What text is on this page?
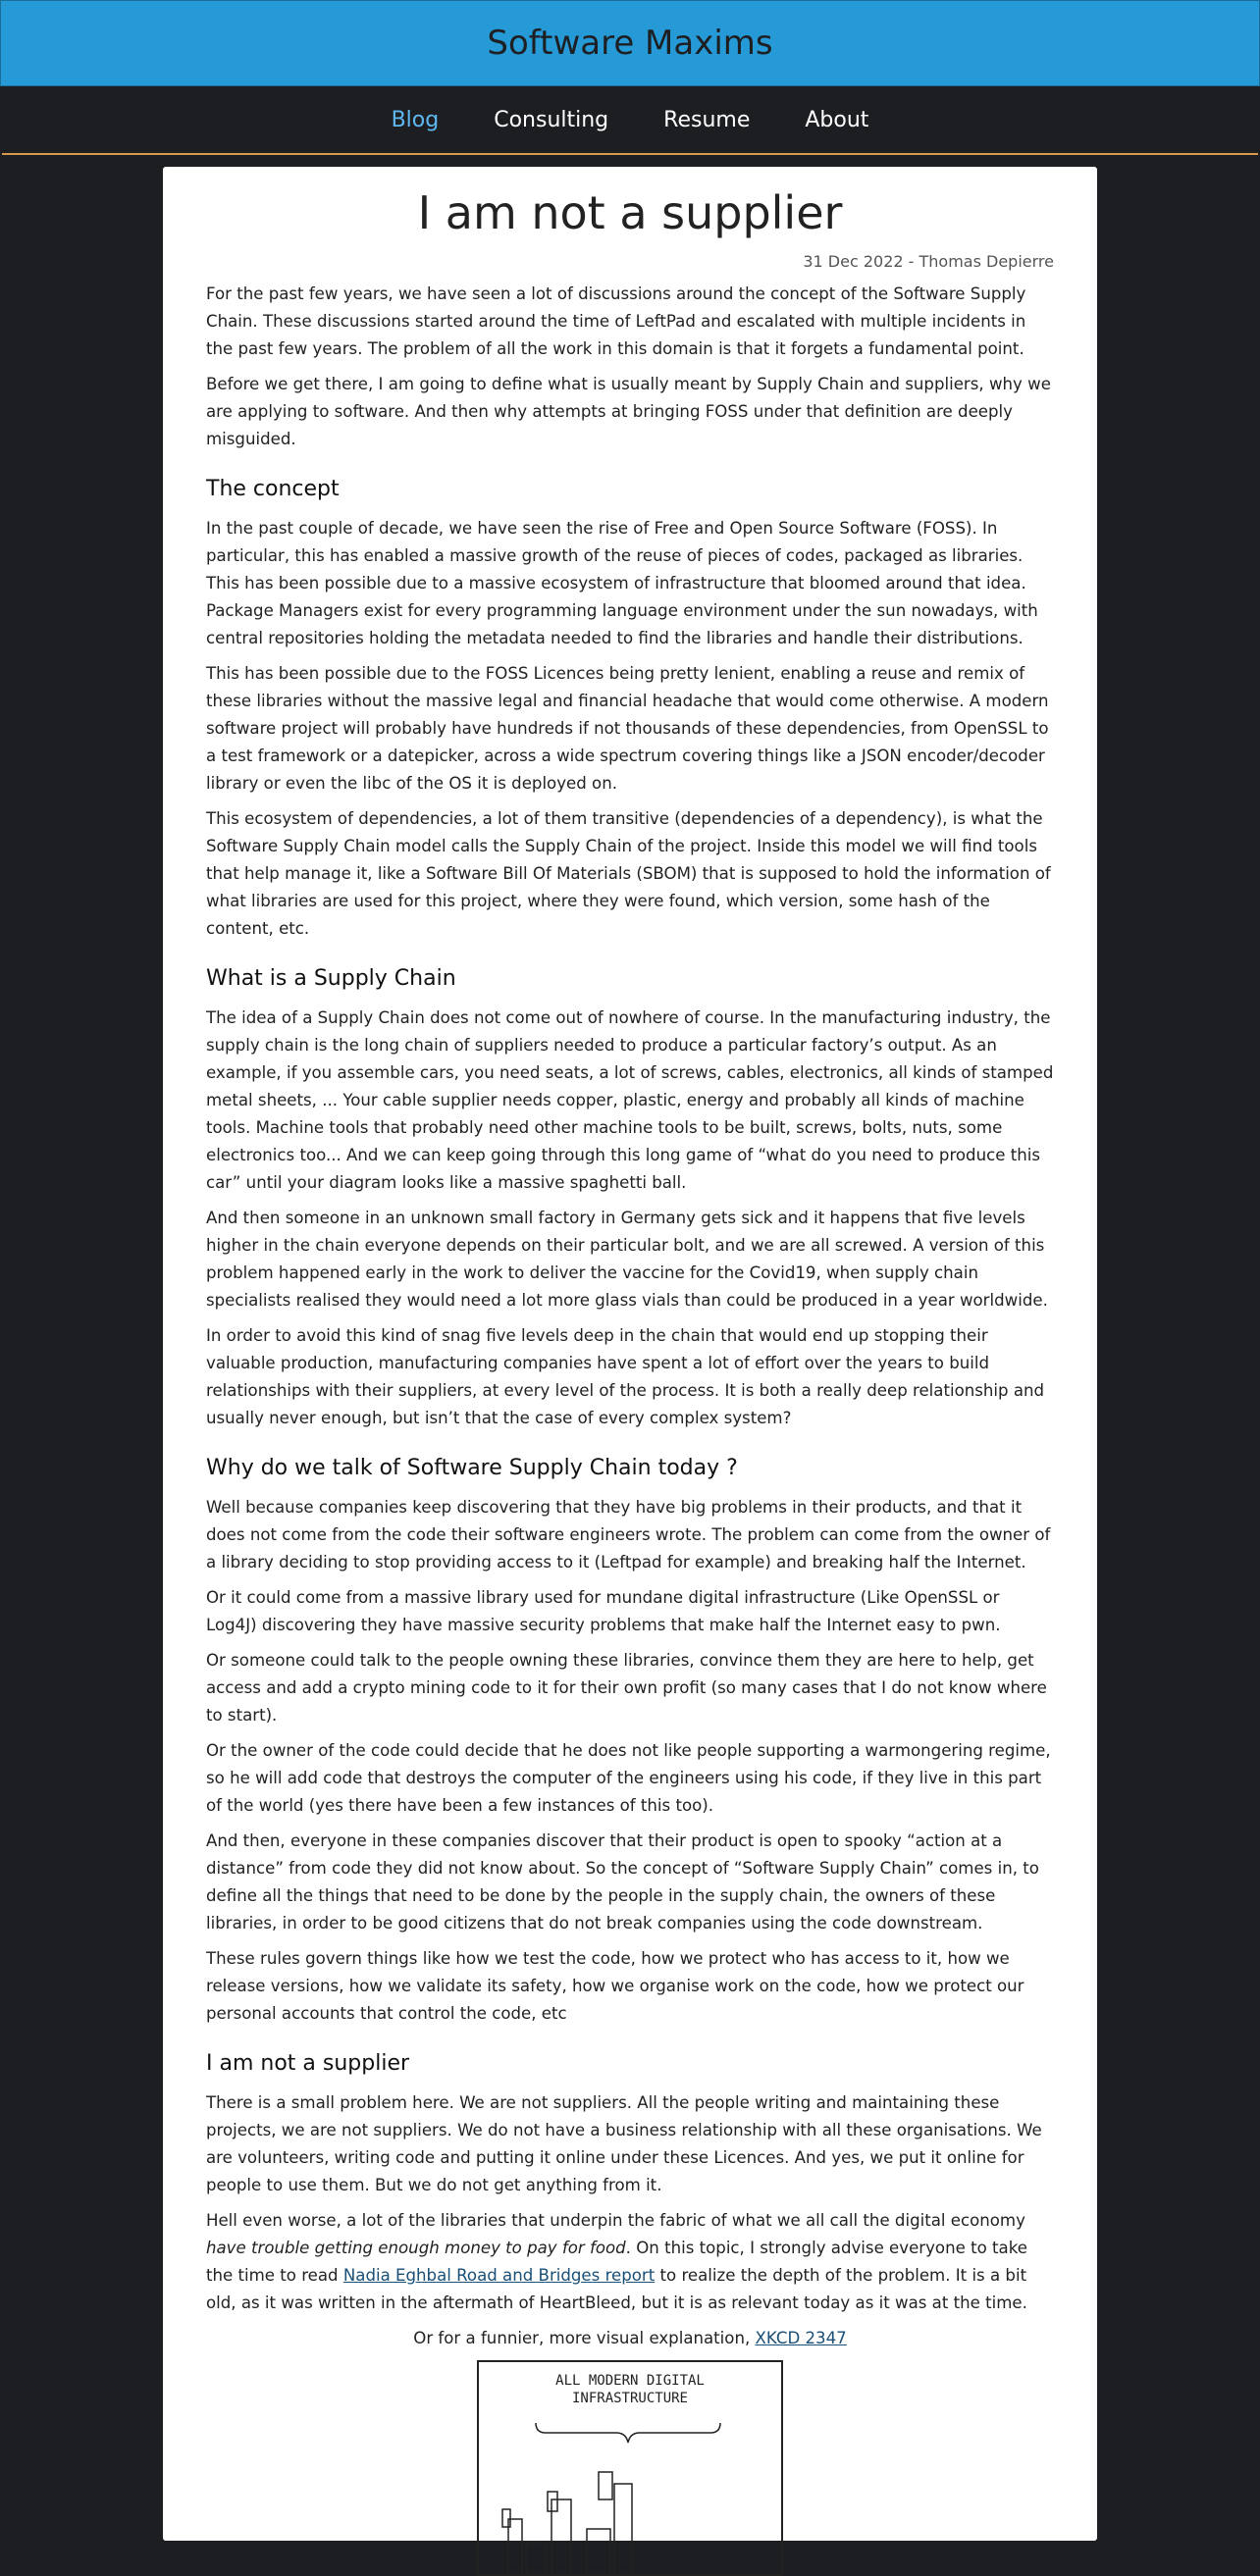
Software Maxims
Blog	Consulting	Resume	About
I am not a supplier
31 Dec 2022 - Thomas Depierre

For the past few years, we have seen a lot of discussions around the concept of the Software Supply Chain. These discussions started around the time of LeftPad and escalated with multiple incidents in the past few years. The problem of all the work in this domain is that it forgets a fundamental point.

Before we get there, I am going to define what is usually meant by Supply Chain and suppliers, why we are applying to software. And then why attempts at bringing FOSS under that definition are deeply misguided.

The concept

In the past couple of decade, we have seen the rise of Free and Open Source Software (FOSS). In particular, this has enabled a massive growth of the reuse of pieces of codes, packaged as libraries. This has been possible due to a massive ecosystem of infrastructure that bloomed around that idea. Package Managers exist for every programming language environment under the sun nowadays, with central repositories holding the metadata needed to find the libraries and handle their distributions.

This has been possible due to the FOSS Licences being pretty lenient, enabling a reuse and remix of these libraries without the massive legal and financial headache that would come otherwise. A modern software project will probably have hundreds if not thousands of these dependencies, from OpenSSL to a test framework or a datepicker, across a wide spectrum covering things like a JSON encoder/decoder library or even the libc of the OS it is deployed on.

This ecosystem of dependencies, a lot of them transitive (dependencies of a dependency), is what the Software Supply Chain model calls the Supply Chain of the project. Inside this model we will find tools that help manage it, like a Software Bill Of Materials (SBOM) that is supposed to hold the information of what libraries are used for this project, where they were found, which version, some hash of the content, etc.

What is a Supply Chain

The idea of a Supply Chain does not come out of nowhere of course. In the manufacturing industry, the supply chain is the long chain of suppliers needed to produce a particular factory’s output. As an example, if you assemble cars, you need seats, a lot of screws, cables, electronics, all kinds of stamped metal sheets, ... Your cable supplier needs copper, plastic, energy and probably all kinds of machine tools. Machine tools that probably need other machine tools to be built, screws, bolts, nuts, some electronics too... And we can keep going through this long game of “what do you need to produce this car” until your diagram looks like a massive spaghetti ball.

And then someone in an unknown small factory in Germany gets sick and it happens that five levels higher in the chain everyone depends on their particular bolt, and we are all screwed. A version of this problem happened early in the work to deliver the vaccine for the Covid19, when supply chain specialists realised they would need a lot more glass vials than could be produced in a year worldwide.

In order to avoid this kind of snag five levels deep in the chain that would end up stopping their valuable production, manufacturing companies have spent a lot of effort over the years to build relationships with their suppliers, at every level of the process. It is both a really deep relationship and usually never enough, but isn’t that the case of every complex system?

Why do we talk of Software Supply Chain today ?

Well because companies keep discovering that they have big problems in their products, and that it does not come from the code their software engineers wrote. The problem can come from the owner of a library deciding to stop providing access to it (Leftpad for example) and breaking half the Internet.

Or it could come from a massive library used for mundane digital infrastructure (Like OpenSSL or Log4J) discovering they have massive security problems that make half the Internet easy to pwn.

Or someone could talk to the people owning these libraries, convince them they are here to help, get access and add a crypto mining code to it for their own profit (so many cases that I do not know where to start).

Or the owner of the code could decide that he does not like people supporting a warmongering regime, so he will add code that destroys the computer of the engineers using his code, if they live in this part of the world (yes there have been a few instances of this too).

And then, everyone in these companies discover that their product is open to spooky “action at a distance” from code they did not know about. So the concept of “Software Supply Chain” comes in, to define all the things that need to be done by the people in the supply chain, the owners of these libraries, in order to be good citizens that do not break companies using the code downstream.

These rules govern things like how we test the code, how we protect who has access to it, how we release versions, how we validate its safety, how we organise work on the code, how we protect our personal accounts that control the code, etc

I am not a supplier

There is a small problem here. We are not suppliers. All the people writing and maintaining these projects, we are not suppliers. We do not have a business relationship with all these organisations. We are volunteers, writing code and putting it online under these Licences. And yes, we put it online for people to use them. But we do not get anything from it.

Hell even worse, a lot of the libraries that underpin the fabric of what we all call the digital economy have trouble getting enough money to pay for food. On this topic, I strongly advise everyone to take the time to read Nadia Eghbal Road and Bridges report to realize the depth of the problem. It is a bit old, as it was written in the aftermath of HeartBleed, but it is as relevant today as it was at the time.

Or for a funnier, more visual explanation, XKCD 2347

ALL MODERN DIGITAL
INFRASTRUCTURE
